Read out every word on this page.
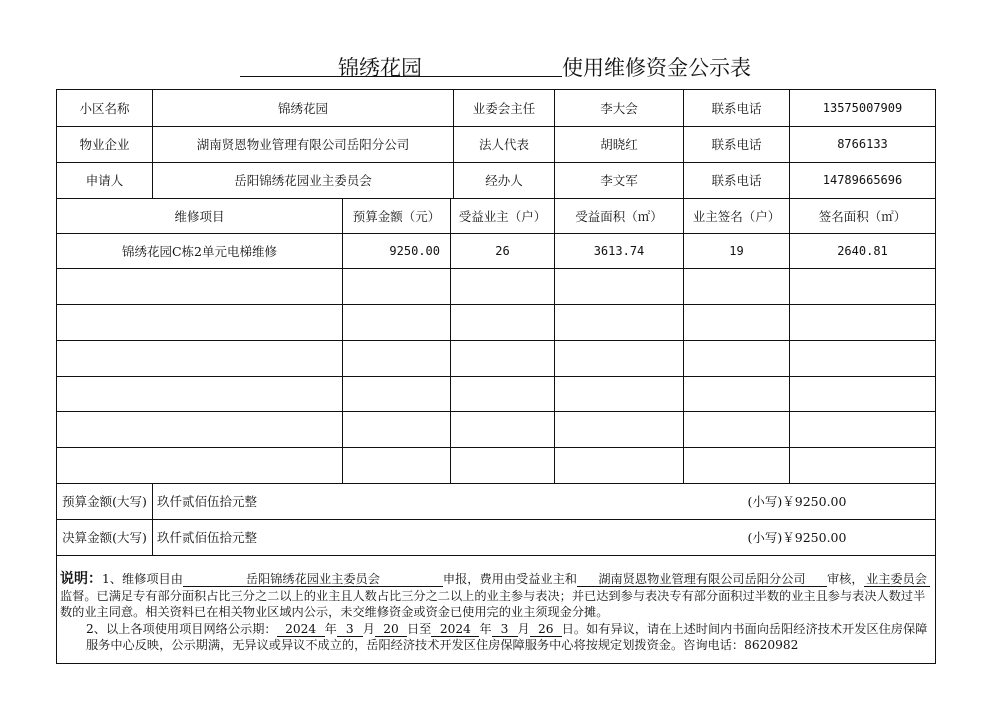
锦绣花园	使用维修资金公示表
小区名称	锦绣花园	业委会主任	李大会	联系电话	13575007909
物业企业	湖南贤恩物业管理有限公司岳阳分公司	法人代表	胡晓红	联系电话	8766133
申请人	岳阳锦绣花园业主委员会	经办人	李文军	联系电话	14789665696
维修项目	预算金额（元）	受益业主（户）	受益面积（㎡）	业主签名（户）	签名面积（㎡）
锦绣花园C栋2单元电梯维修	9250.00	26	3613.74	19	2640.81
预算金额(大写) 玖仟贰佰伍拾元整	(小写)￥9250.00
决算金额(大写) 玖仟贰佰伍拾元整	(小写)￥9250.00

说明：1、维修项目由	岳阳锦绣花园业主委员会	申报，费用由受益业主和 湖南贤恩物业管理有限公司岳阳分公司 审核， 业主委员会监督。已满足专有部分面积占比三分之二以上的业主且人数占比三分之二以上的业主参与表决；并已达到参与表决专有部分面积过半数的业主且参与表决人数过半数的业主同意。相关资料已在相关物业区域内公示，未交维修资金或资金已使用完的业主须现金分摊。

2、以上各项使用项目网络公示期： 2024 年 3 月 20 日至 2024 年 3 月 26 日。如有异议，请在上述时间内书面向岳阳经济技术开发区住房保障服务中心反映，公示期满，无异议或异议不成立的，岳阳经济技术开发区住房保障服务中心将按规定划拨资金。咨询电话：8620982
